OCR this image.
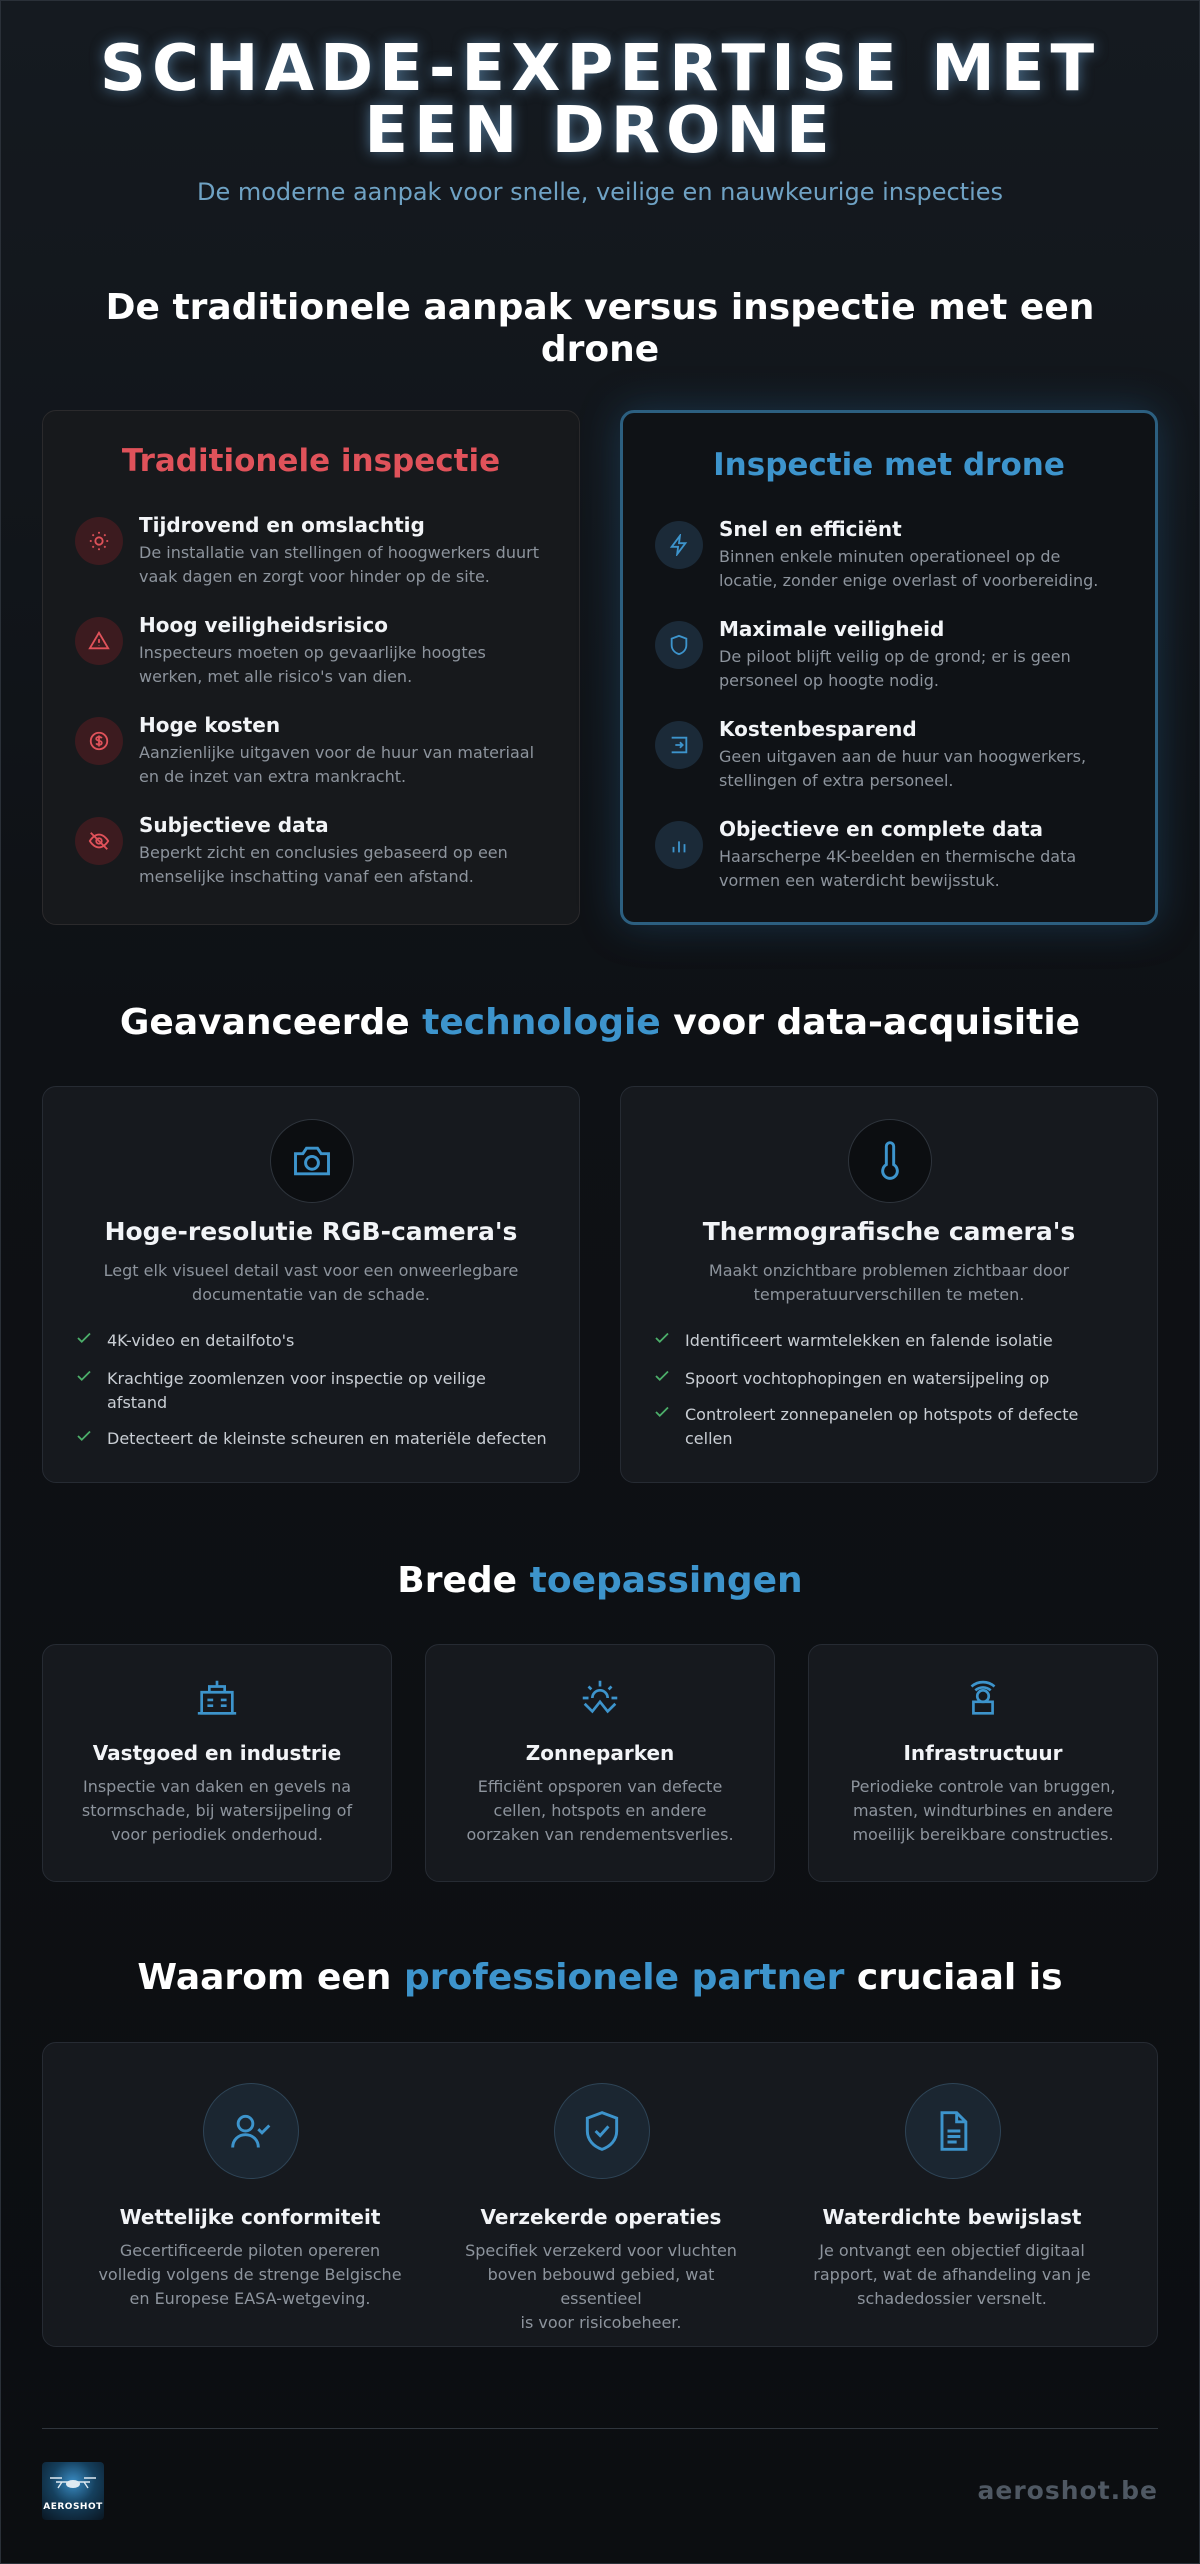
SCHADE-EXPERTISE MET
EEN DRONE
De moderne aanpak voor snelle, veilige en nauwkeurige inspecties
De traditionele aanpak versus inspectie met een
drone
Traditionele inspectie
Tijdrovend en omslachtig
De installatie van stellingen of hoogwerkers duurt
vaak dagen en zorgt voor hinder op de site.
Hoog veiligheidsrisico
Inspecteurs moeten op gevaarlijke hoogtes
werken, met alle risico's van dien.
Hoge kosten
Aanzienlijke uitgaven voor de huur van materiaal
en de inzet van extra mankracht.
Subjectieve data
Beperkt zicht en conclusies gebaseerd op een
menselijke inschatting vanaf een afstand.
Inspectie met drone
Snel en efficiënt
Binnen enkele minuten operationeel op de
locatie, zonder enige overlast of voorbereiding.
Maximale veiligheid
De piloot blijft veilig op de grond; er is geen
personeel op hoogte nodig.
Kostenbesparend
Geen uitgaven aan de huur van hoogwerkers,
stellingen of extra personeel.
Objectieve en complete data
Haarscherpe 4K-beelden en thermische data
vormen een waterdicht bewijsstuk.
Geavanceerde technologie voor data-acquisitie
Hoge-resolutie RGB-camera's
Legt elk visueel detail vast voor een onweerlegbare
documentatie van de schade.
4K-video en detailfoto's
Krachtige zoomlenzen voor inspectie op veilige
afstand
Detecteert de kleinste scheuren en materiële defecten
Thermografische camera's
Maakt onzichtbare problemen zichtbaar door
temperatuurverschillen te meten.
Identificeert warmtelekken en falende isolatie
Spoort vochtophopingen en watersijpeling op
Controleert zonnepanelen op hotspots of defecte
cellen
Brede toepassingen
Vastgoed en industrie
Inspectie van daken en gevels na
stormschade, bij watersijpeling of
voor periodiek onderhoud.
Zonneparken
Efficiënt opsporen van defecte
cellen, hotspots en andere
oorzaken van rendementsverlies.
Infrastructuur
Periodieke controle van bruggen,
masten, windturbines en andere
moeilijk bereikbare constructies.
Waarom een professionele partner cruciaal is
Wettelijke conformiteit
Gecertificeerde piloten opereren
volledig volgens de strenge Belgische
en Europese EASA-wetgeving.
Verzekerde operaties
Specifiek verzekerd voor vluchten
boven bebouwd gebied, wat essentieel
is voor risicobeheer.
Waterdichte bewijslast
Je ontvangt een objectief digitaal
rapport, wat de afhandeling van je
schadedossier versnelt.
AEROSHOT
aeroshot.be
